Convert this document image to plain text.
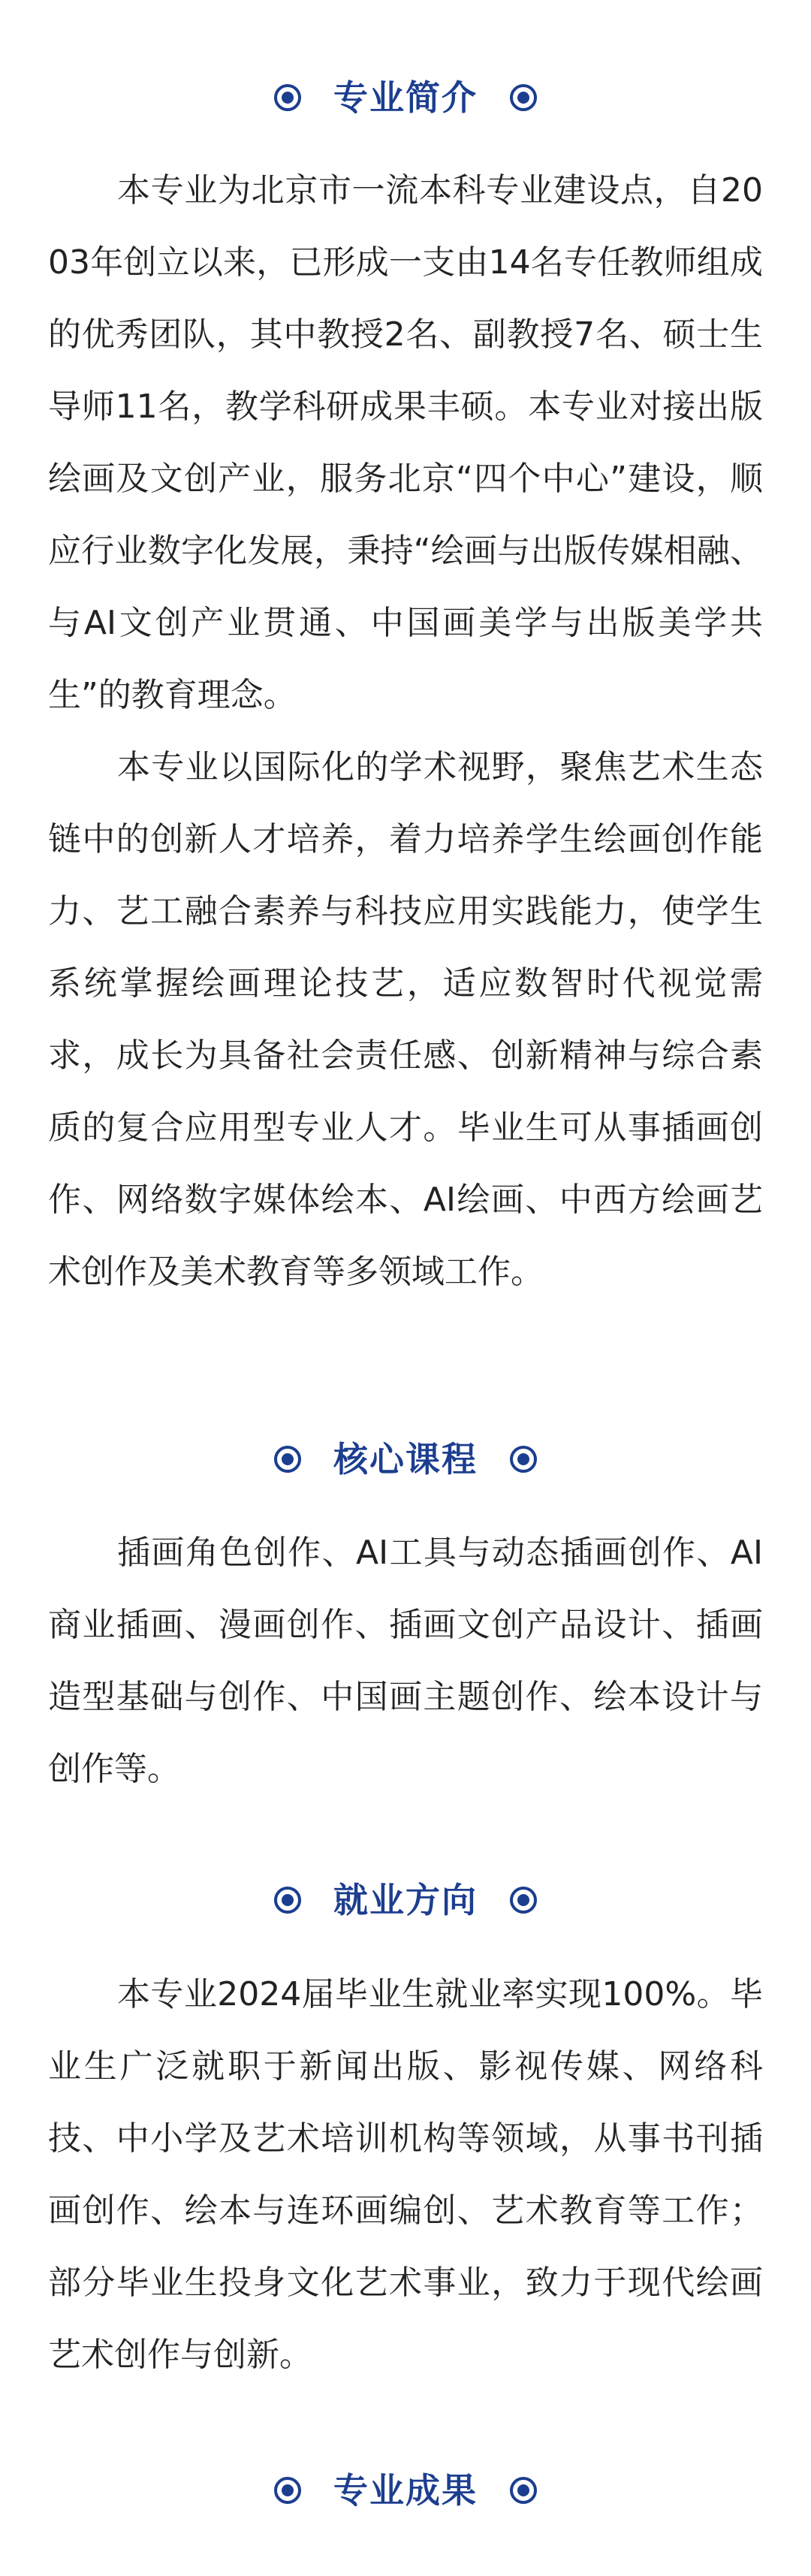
专业简介

本专业为北京市一流本科专业建设点，自2003年创立以来，已形成一支由14名专任教师组成的优秀团队，其中教授2名、副教授7名、硕士生导师11名，教学科研成果丰硕。本专业对接出版绘画及文创产业，服务北京“四个中心”建设，顺应行业数字化发展，秉持“绘画与出版传媒相融、与AI文创产业贯通、中国画美学与出版美学共生”的教育理念。

本专业以国际化的学术视野，聚焦艺术生态链中的创新人才培养，着力培养学生绘画创作能力、艺工融合素养与科技应用实践能力，使学生系统掌握绘画理论技艺，适应数智时代视觉需求，成长为具备社会责任感、创新精神与综合素质的复合应用型专业人才。毕业生可从事插画创作、网络数字媒体绘本、AI绘画、中西方绘画艺术创作及美术教育等多领域工作。

核心课程

插画角色创作、AI工具与动态插画创作、AI商业插画、漫画创作、插画文创产品设计、插画造型基础与创作、中国画主题创作、绘本设计与创作等。

就业方向

本专业2024届毕业生就业率实现100%。毕业生广泛就职于新闻出版、影视传媒、网络科技、中小学及艺术培训机构等领域，从事书刊插画创作、绘本与连环画编创、艺术教育等工作；部分毕业生投身文化艺术事业，致力于现代绘画艺术创作与创新。

专业成果
